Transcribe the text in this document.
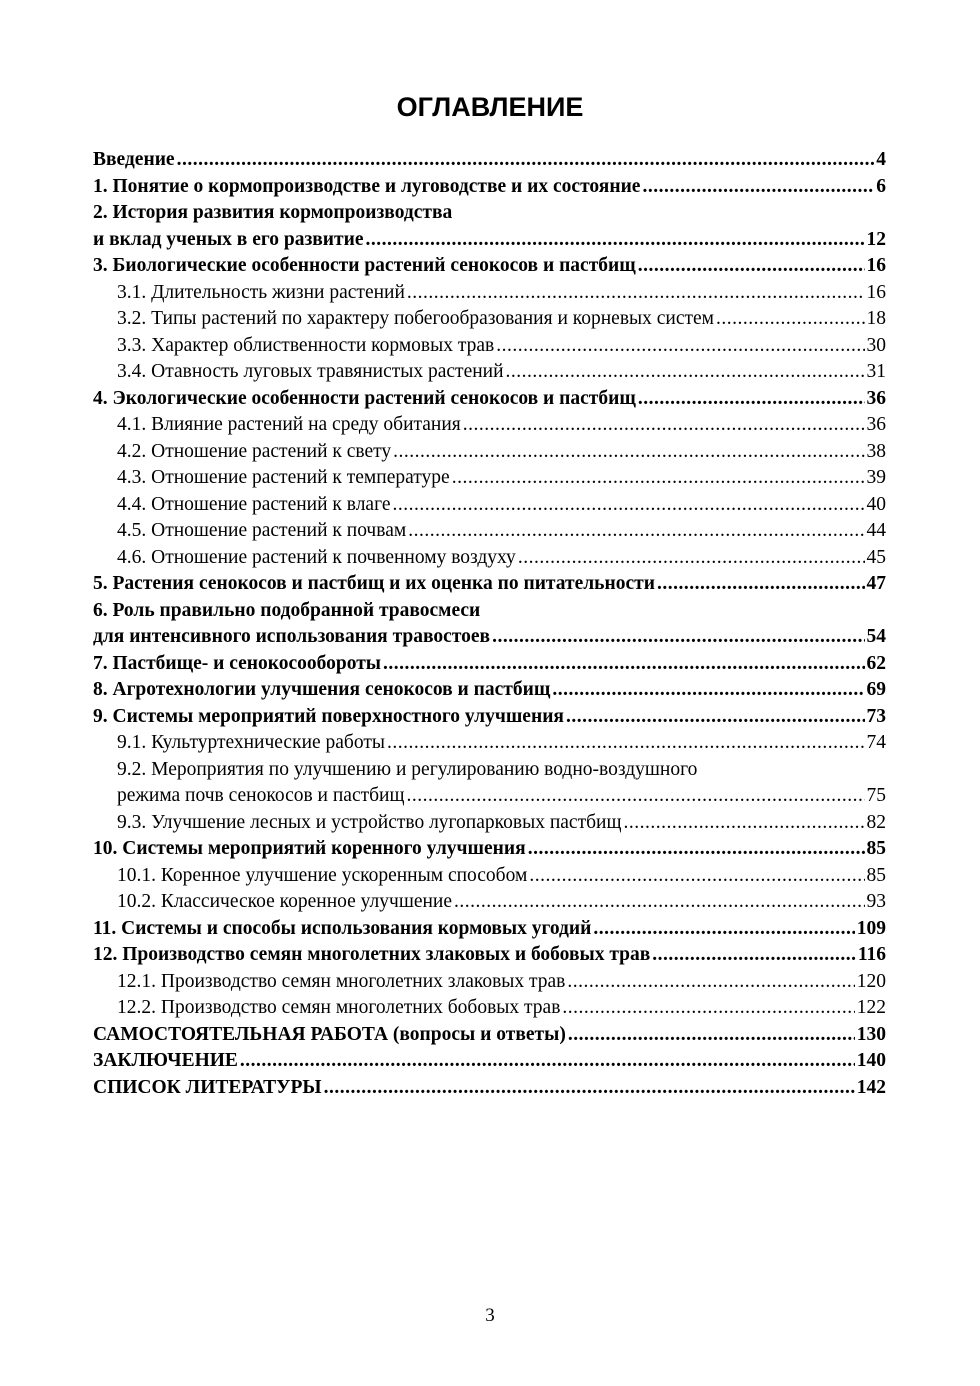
ОГЛАВЛЕНИЕ
Введение .....	4
1. Понятие о кормопроизводстве и луговодстве и их состояние .....	6
2. История развития кормопроизводства
и вклад ученых в его развитие .....	12
3. Биологические особенности растений сенокосов и пастбищ .....	16
3.1. Длительность жизни растений .....	16
3.2. Типы растений по характеру побегообразования и корневых систем .....	18
3.3. Характер облиственности кормовых трав .....	30
3.4. Отавность луговых травянистых растений .....	31
4. Экологические особенности растений сенокосов и пастбищ .....	36
4.1. Влияние растений на среду обитания .....	36
4.2. Отношение растений к свету .....	38
4.3. Отношение растений к температуре .....	39
4.4. Отношение растений к влаге .....	40
4.5. Отношение растений к почвам .....	44
4.6. Отношение растений к почвенному воздуху .....	45
5. Растения сенокосов и пастбищ и их оценка по питательности .....	47
6. Роль правильно подобранной травосмеси
для интенсивного использования травостоев .....	54
7. Пастбище- и сенокосообороты .....	62
8. Агротехнологии улучшения сенокосов и пастбищ .....	69
9. Системы мероприятий поверхностного улучшения .....	73
9.1. Культуртехнические работы .....	74
9.2. Мероприятия по улучшению и регулированию водно-воздушного
режима почв сенокосов и пастбищ .....	75
9.3. Улучшение лесных и устройство лугопарковых пастбищ .....	82
10. Системы мероприятий коренного улучшения .....	85
10.1. Коренное улучшение ускоренным способом .....	85
10.2. Классическое коренное улучшение .....	93
11. Системы и способы использования кормовых угодий .....	109
12. Производство семян многолетних злаковых и бобовых трав .....	116
12.1. Производство семян многолетних злаковых трав .....	120
12.2. Производство семян многолетних бобовых трав .....	122
САМОСТОЯТЕЛЬНАЯ РАБОТА (вопросы и ответы) .....	130
ЗАКЛЮЧЕНИЕ .....	140
СПИСОК ЛИТЕРАТУРЫ .....	142
3
